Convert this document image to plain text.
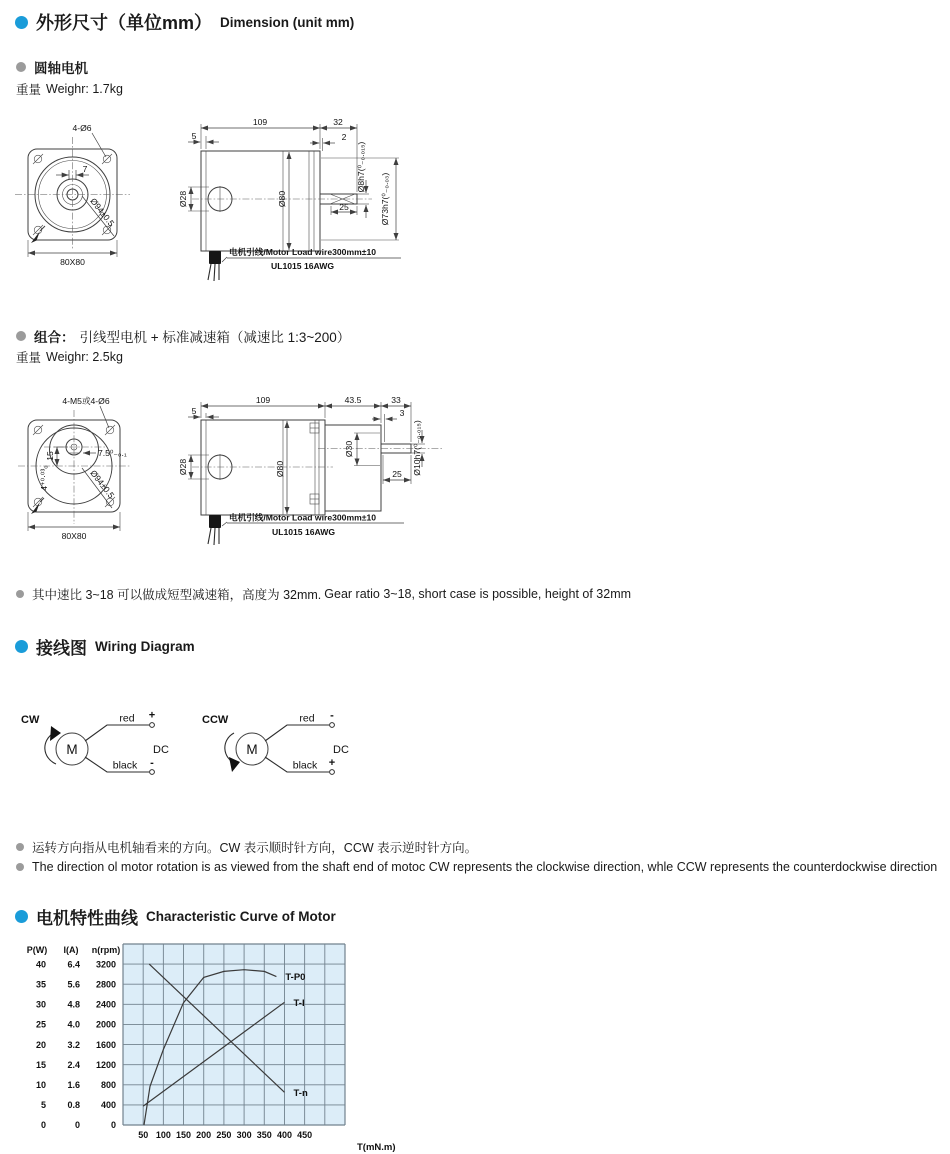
外形尺寸（单位mm） Dimension (unit mm)
圆轴电机
重量 Weighr: 1.7kg
4-Ø6
7
Ø94±0.5
80X80
109	32
5	2
Ø28	Ø80
Ø8h7(⁰₋₀.₀₁₅)
Ø73h7(⁰₋₀.₀₃)
25
电机引线/Motor Load wire300mm±10
UL1015 16AWG
组合： 引线型电机 + 标准减速箱（减速比 1:3~200）
重量 Weighr: 2.5kg
4-M5或4-Ø6
15	7.5⁰₋₀.₁
4⁺⁰·⁰³₀	Ø94±0.5
80X80
109	43.5	33
5	3
Ø28	Ø80
Ø30	Ø10h7(⁰₋₀.₀₁₅)
25
电机引线/Motor Load wire300mm±10
UL1015 16AWG
其中速比 3~18 可以做成短型减速箱，高度为 32mm. Gear ratio 3~18, short case is possible, height of 32mm
接线图 Wiring Diagram
CW
M
red +
black -
DC
CCW
M
red -
black +
DC
运转方向指从电机轴看来的方向。CW 表示顺时针方向，CCW 表示逆时针方向。
The direction ol motor rotation is as viewed from the shaft end of motoc CW represents the clockwise direction, whle CCW represents the counterdockwise direction
电机特性曲线 Characteristic Curve of Motor
50 100 150 200 250 300 350 400 450
P(W)
40
35
30
25
20
15
10
5
0
I(A)
6.4
5.6
4.8
4.0
3.2
2.4
1.6
0.8
0
n(rpm)
3200
2800
2400
2000
1600
1200
800
400
0
T(mN.m)
T-P0
T-I
T-n
